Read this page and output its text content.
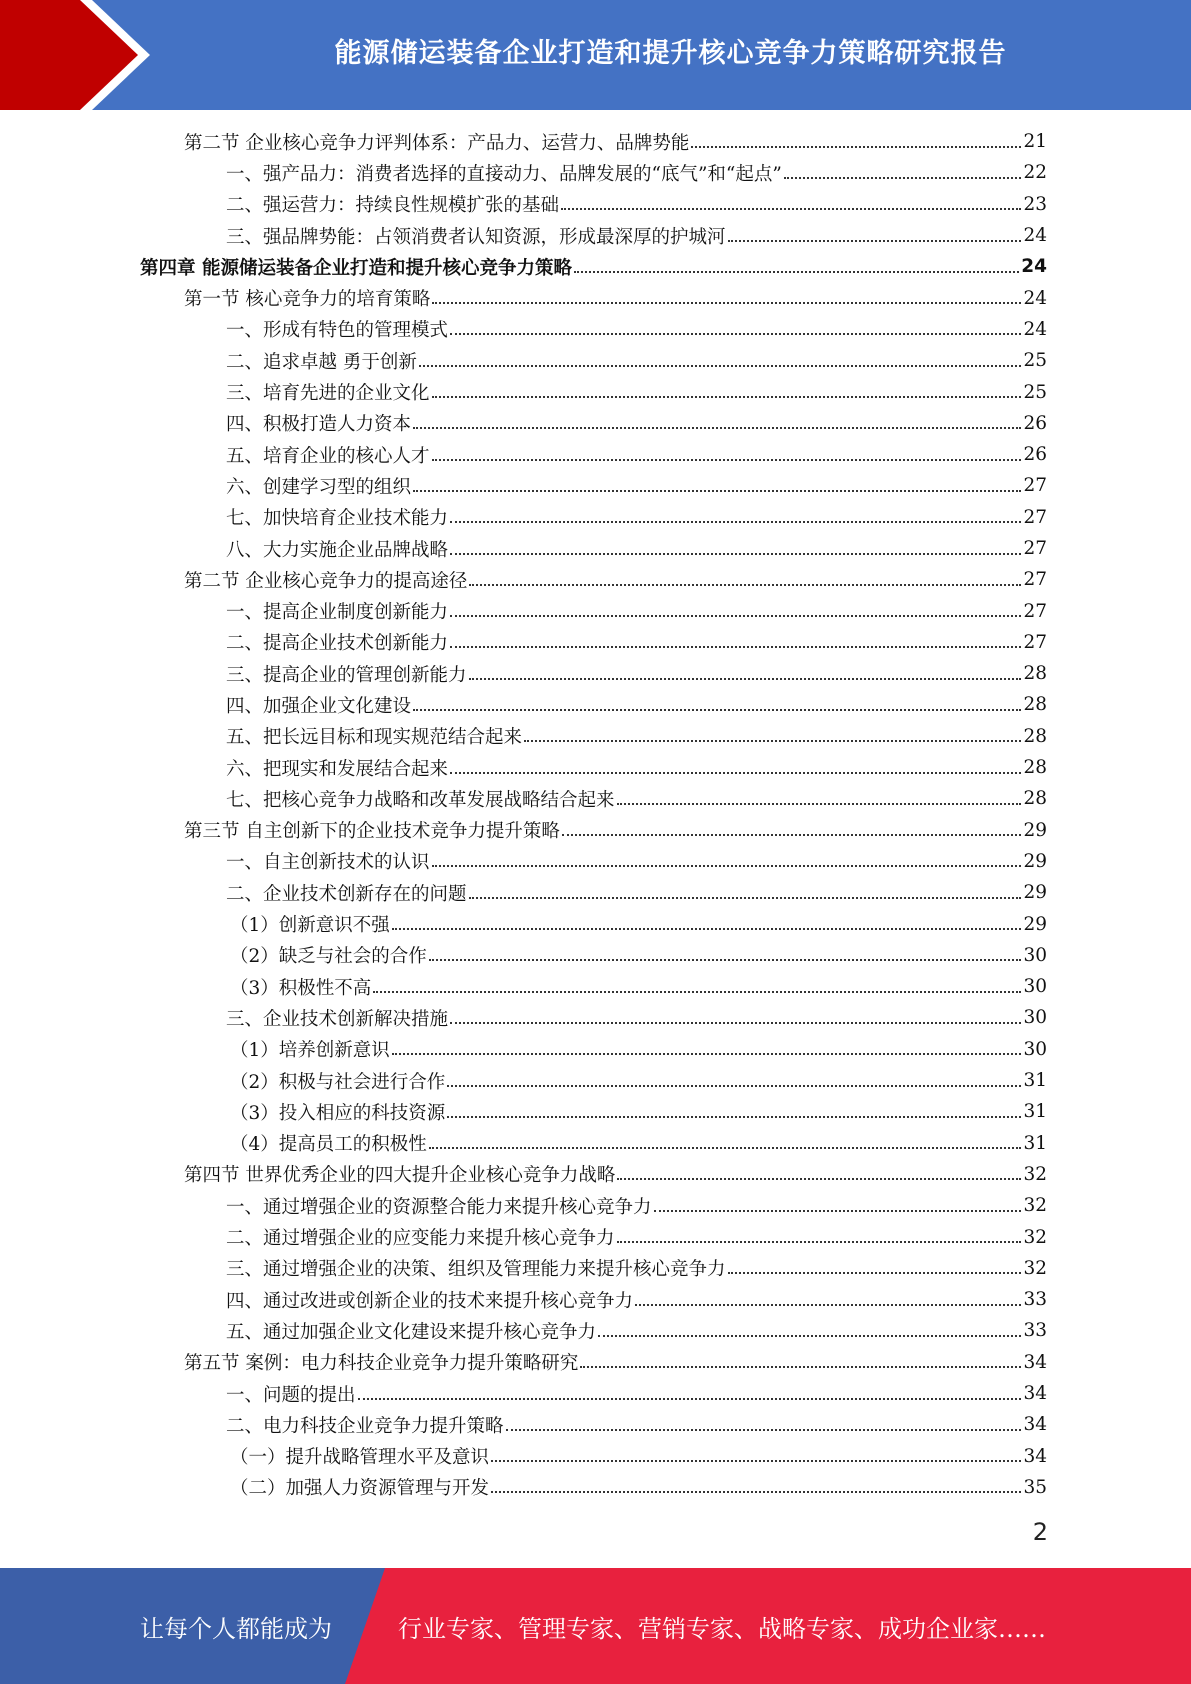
能源储运装备企业打造和提升核心竞争力策略研究报告
第二节 企业核心竞争力评判体系：产品力、运营力、品牌势能	21
一、强产品力：消费者选择的直接动力、品牌发展的“底气”和“起点”	22
二、强运营力：持续良性规模扩张的基础	23
三、强品牌势能：占领消费者认知资源，形成最深厚的护城河	24
第四章 能源储运装备企业打造和提升核心竞争力策略	24
第一节 核心竞争力的培育策略	24
一、形成有特色的管理模式	24
二、追求卓越 勇于创新	25
三、培育先进的企业文化	25
四、积极打造人力资本	26
五、培育企业的核心人才	26
六、创建学习型的组织	27
七、加快培育企业技术能力	27
八、大力实施企业品牌战略	27
第二节 企业核心竞争力的提高途径	27
一、提高企业制度创新能力	27
二、提高企业技术创新能力	27
三、提高企业的管理创新能力	28
四、加强企业文化建设	28
五、把长远目标和现实规范结合起来	28
六、把现实和发展结合起来	28
七、把核心竞争力战略和改革发展战略结合起来	28
第三节 自主创新下的企业技术竞争力提升策略	29
一、自主创新技术的认识	29
二、企业技术创新存在的问题	29
（1）创新意识不强	29
（2）缺乏与社会的合作	30
（3）积极性不高	30
三、企业技术创新解决措施	30
（1）培养创新意识	30
（2）积极与社会进行合作	31
（3）投入相应的科技资源	31
（4）提高员工的积极性	31
第四节 世界优秀企业的四大提升企业核心竞争力战略	32
一、通过增强企业的资源整合能力来提升核心竞争力	32
二、通过增强企业的应变能力来提升核心竞争力	32
三、通过增强企业的决策、组织及管理能力来提升核心竞争力	32
四、通过改进或创新企业的技术来提升核心竞争力	33
五、通过加强企业文化建设来提升核心竞争力	33
第五节 案例：电力科技企业竞争力提升策略研究	34
一、问题的提出	34
二、电力科技企业竞争力提升策略	34
（一）提升战略管理水平及意识	34
（二）加强人力资源管理与开发	35
2
让每个人都能成为	行业专家、管理专家、营销专家、战略专家、成功企业家……
